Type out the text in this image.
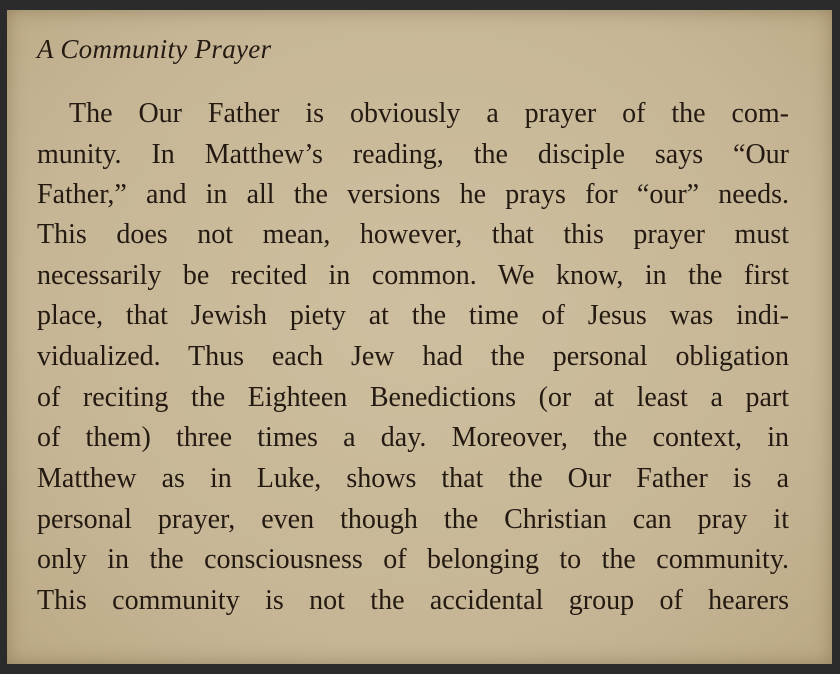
A Community Prayer
The Our Father is obviously a prayer of the com-
munity. In Matthew’s reading, the disciple says “Our
Father,” and in all the versions he prays for “our” needs.
This does not mean, however, that this prayer must
necessarily be recited in common. We know, in the first
place, that Jewish piety at the time of Jesus was indi-
vidualized. Thus each Jew had the personal obligation
of reciting the Eighteen Benedictions (or at least a part
of them) three times a day. Moreover, the context, in
Matthew as in Luke, shows that the Our Father is a
personal prayer, even though the Christian can pray it
only in the consciousness of belonging to the community.
This community is not the accidental group of hearers
